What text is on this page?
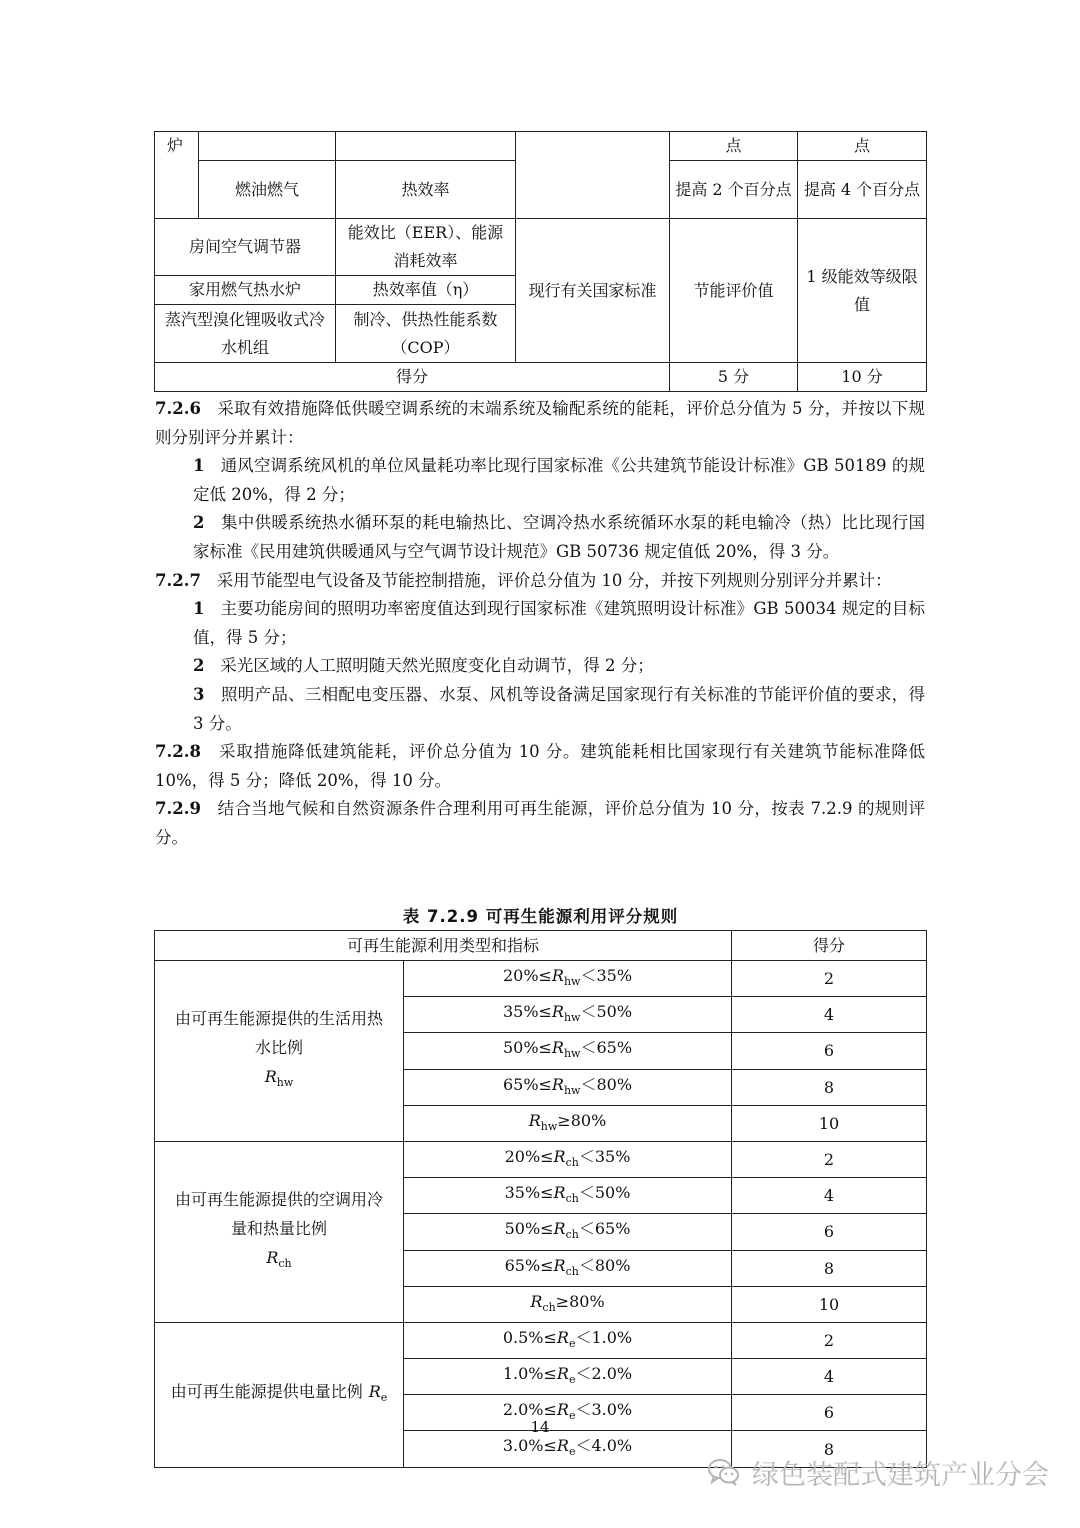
炉				点	点
	燃油燃气	热效率		提高 2 个百分点	提高 4 个百分点
房间空气调节器		能效比（EER）、能源消耗效率	现行有关国家标准	节能评价值	1 级能效等级限值
家用燃气热水炉		热效率值（η）			
蒸汽型溴化锂吸收式冷水机组		制冷、供热性能系数（COP）			
得分				5 分	10 分

7.2.6 采取有效措施降低供暖空调系统的末端系统及输配系统的能耗，评价总分值为 5 分，并按以下规则分别评分并累计：

1 通风空调系统风机的单位风量耗功率比现行国家标准《公共建筑节能设计标准》GB 50189 的规定低 20%，得 2 分；

2 集中供暖系统热水循环泵的耗电输热比、空调冷热水系统循环水泵的耗电输冷（热）比比现行国家标准《民用建筑供暖通风与空气调节设计规范》GB 50736 规定值低 20%，得 3 分。

7.2.7 采用节能型电气设备及节能控制措施，评价总分值为 10 分，并按下列规则分别评分并累计：

1 主要功能房间的照明功率密度值达到现行国家标准《建筑照明设计标准》GB 50034 规定的目标值，得 5 分；

2 采光区域的人工照明随天然光照度变化自动调节，得 2 分；

3 照明产品、三相配电变压器、水泵、风机等设备满足国家现行有关标准的节能评价值的要求，得 3 分。

7.2.8 采取措施降低建筑能耗，评价总分值为 10 分。建筑能耗相比国家现行有关建筑节能标准降低 10%，得 5 分；降低 20%，得 10 分。

7.2.9 结合当地气候和自然资源条件合理利用可再生能源，评价总分值为 10 分，按表 7.2.9 的规则评分。

表 7.2.9 可再生能源利用评分规则
可再生能源利用类型和指标		得分
由可再生能源提供的生活用热水比例
$R_{hw}$	$20\%\le R_{hw}<35\%$	2
	$35\%\le R_{hw}<50\%$	4
	$50\%\le R_{hw}<65\%$	6
	$65\%\le R_{hw}<80\%$	8
	$R_{hw}\ge 80\%$	10
由可再生能源提供的空调用冷量和热量比例
$R_{ch}$	$20\%\le R_{ch}<35\%$	2
	$35\%\le R_{ch}<50\%$	4
	$50\%\le R_{ch}<65\%$	6
	$65\%\le R_{ch}<80\%$	8
	$R_{ch}\ge 80\%$	10
由可再生能源提供电量比例 $R_e$	$0.5\%\le R_e<1.0\%$	2
	$1.0\%\le R_e<2.0\%$	4
	$2.0\%\le R_e<3.0\%$	6
	$3.0\%\le R_e<4.0\%$	8
14
绿色装配式建筑产业分会
